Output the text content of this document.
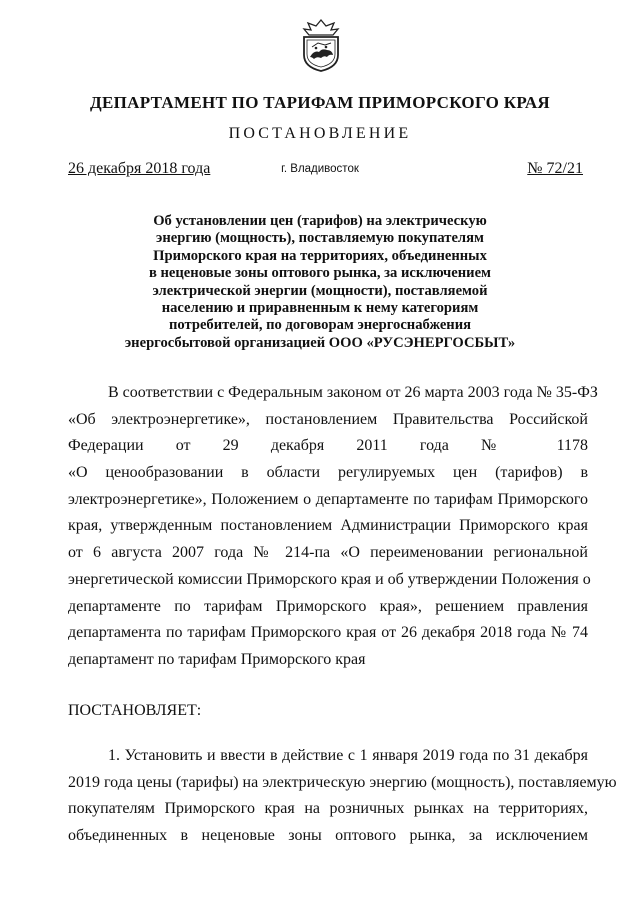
ДЕПАРТАМЕНТ ПО ТАРИФАМ ПРИМОРСКОГО КРАЯ
ПОСТАНОВЛЕНИЕ
26 декабря 2018 года	г. Владивосток	№ 72/21
Об установлении цен (тарифов) на электрическую
энергию (мощность), поставляемую покупателям
Приморского края на территориях, объединенных
в неценовые зоны оптового рынка, за исключением
электрической энергии (мощности), поставляемой
населению и приравненным к нему категориям
потребителей, по договорам энергоснабжения
энергосбытовой организацией ООО «РУСЭНЕРГОСБЫТ»
В соответствии с Федеральным законом от 26 марта 2003 года № 35-ФЗ
«Об электроэнергетике», постановлением Правительства Российской
Федерации от 29 декабря 2011 года № 1178
«О ценообразовании в области регулируемых цен (тарифов) в
электроэнергетике», Положением о департаменте по тарифам Приморского
края, утвержденным постановлением Администрации Приморского края
от 6 августа 2007 года № 214-па «О переименовании региональной
энергетической комиссии Приморского края и об утверждении Положения о
департаменте по тарифам Приморского края», решением правления
департамента по тарифам Приморского края от 26 декабря 2018 года № 74
департамент по тарифам Приморского края
ПОСТАНОВЛЯЕТ:
1. Установить и ввести в действие с 1 января 2019 года по 31 декабря
2019 года цены (тарифы) на электрическую энергию (мощность), поставляемую
покупателям Приморского края на розничных рынках на территориях,
объединенных в неценовые зоны оптового рынка, за исключением
